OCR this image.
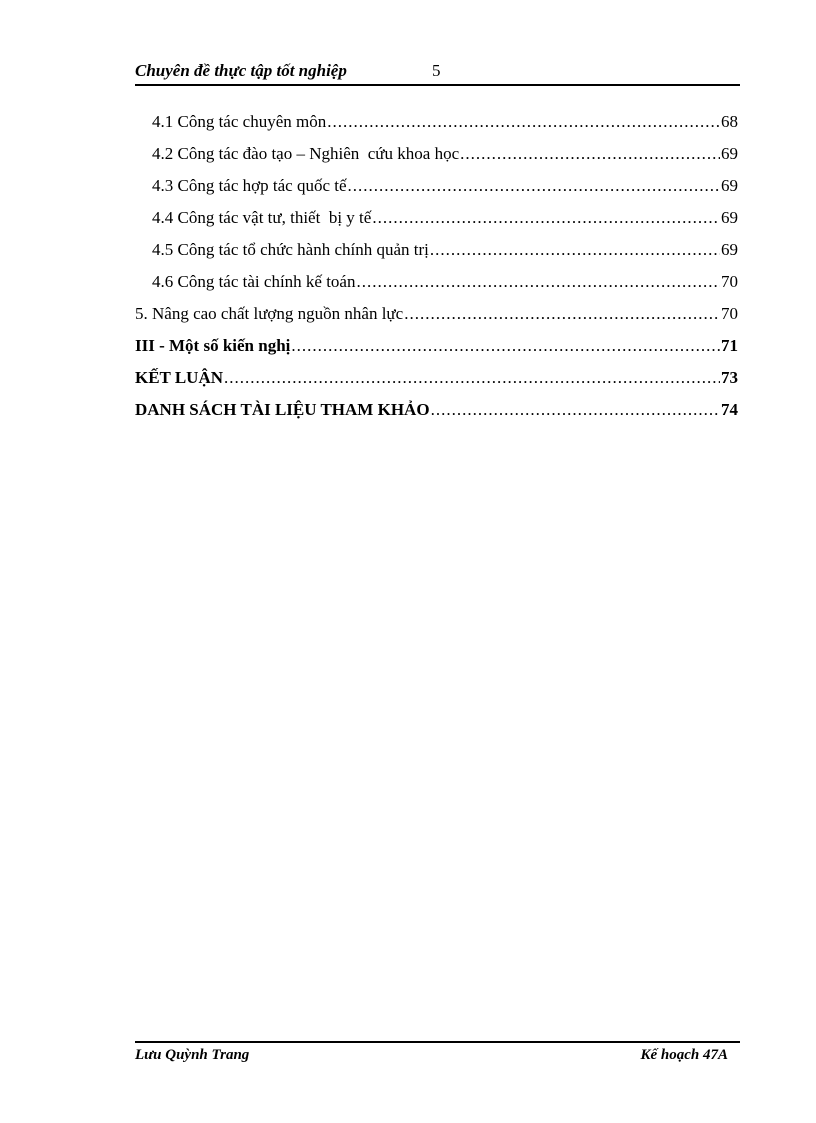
Chuyên đề thực tập tốt nghiệp	5
4.1 Công tác chuyên môn .....	68
4.2 Công tác đào tạo – Nghiên  cứu khoa học .....	69
4.3 Công tác hợp tác quốc tế .....	69
4.4 Công tác vật tư, thiết  bị y tế .....	69
4.5 Công tác tổ chức hành chính quản trị .....	69
4.6 Công tác tài chính kế toán .....	70
5. Nâng cao chất lượng nguồn nhân lực .....	70
III - Một số kiến nghị .....	71
KẾT LUẬN .....	73
DANH SÁCH TÀI LIỆU THAM KHẢO .....	74
Lưu Quỳnh Trang	Kế hoạch 47A
